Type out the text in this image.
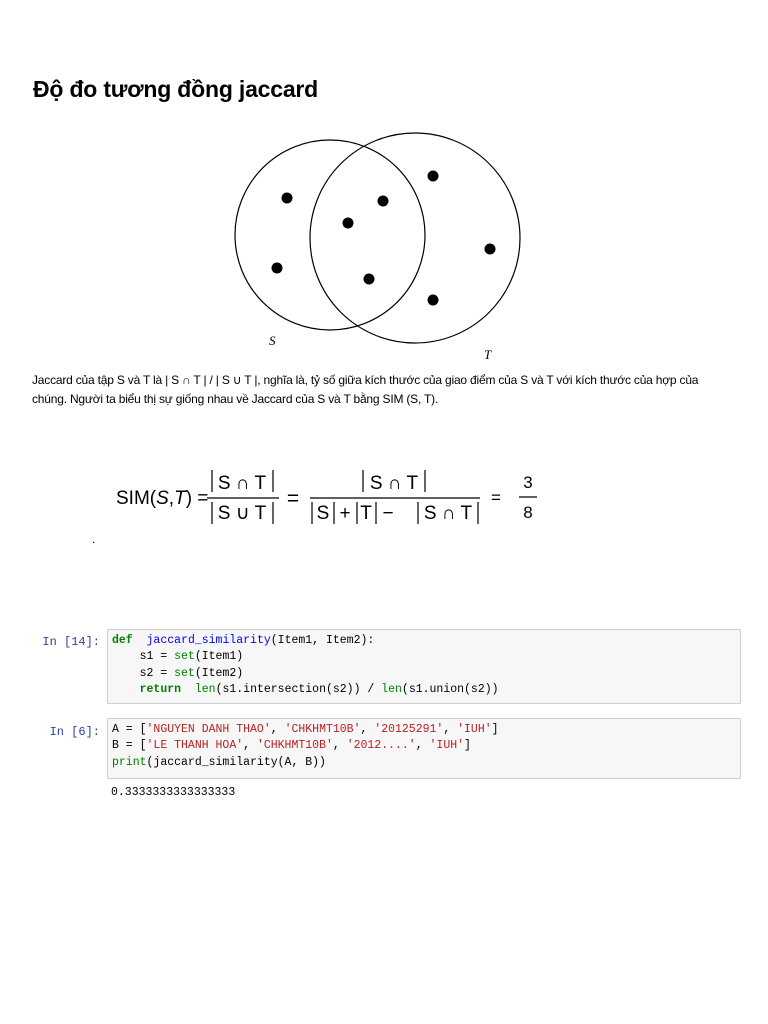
Độ đo tương đồng jaccard
S
T

Jaccard của tập S và T là | S ∩ T | / | S ∪ T |, nghĩa là, tỷ số giữa kích thước của giao điểm của S và T với kích thước của hợp của chúng. Người ta biểu thị sự giống nhau về Jaccard của S và T bằng SIM (S, T).

SIM(S,T) =
S ∩ T
S ∪ T
=
S ∩ T
S + T − S ∩ T
=
3
8
.
In [14]: def jaccard_similarity(Item1, Item2):
s1 = set(Item1)
s2 = set(Item2)
return len(s1.intersection(s2)) / len(s1.union(s2))
In [6]: A = ['NGUYEN DANH THAO', 'CHKHMT10B', '20125291', 'IUH']
B = ['LE THANH HOA', 'CHKHMT10B', '2012....', 'IUH']
print(jaccard_similarity(A, B))
0.3333333333333333
